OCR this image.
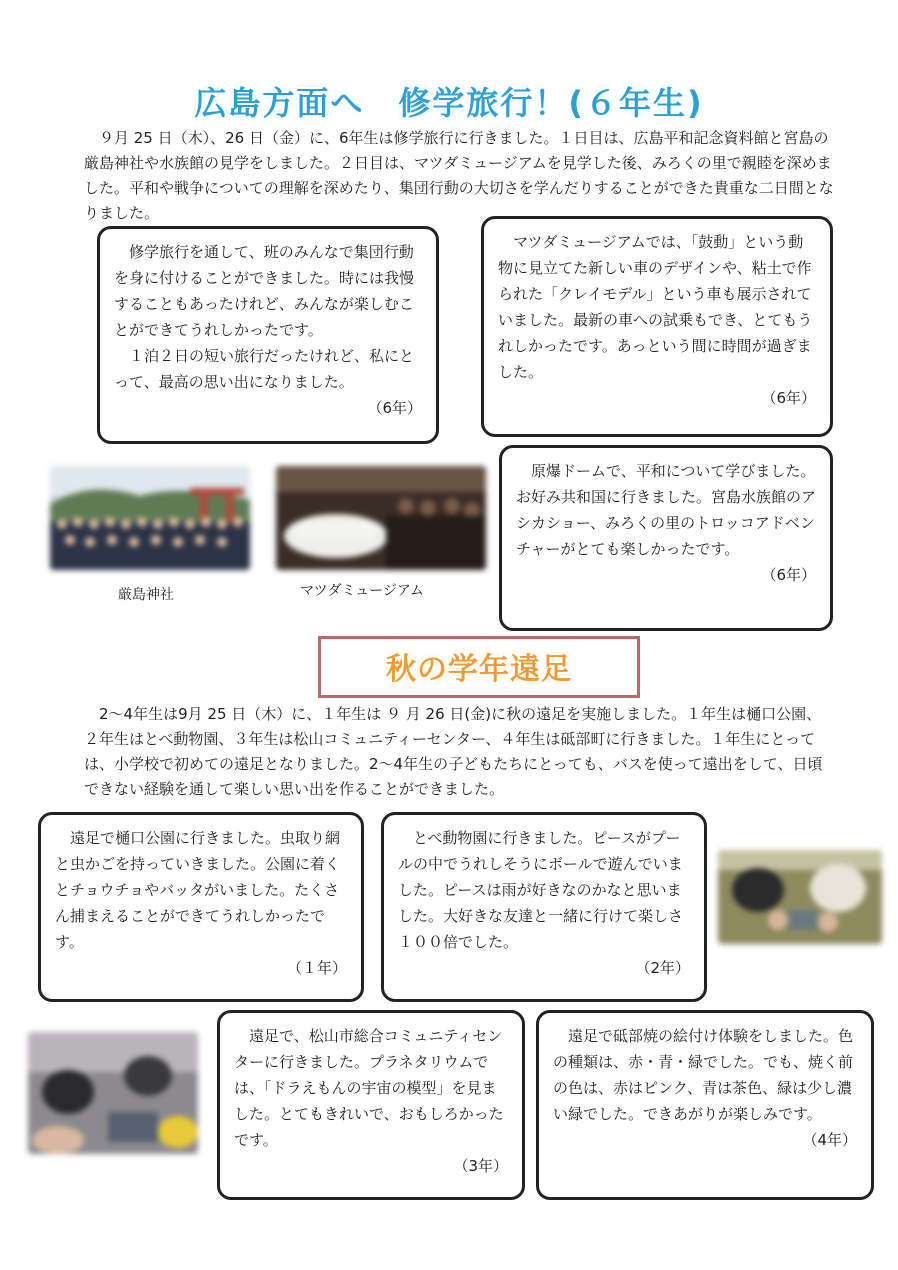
広島方面へ　修学旅行！(６年生)
９月 25 日（木）、26 日（金）に、6年生は修学旅行に行きました。１日目は、広島平和記念資料館と宮島の厳島神社や水族館の見学をしました。２日目は、マツダミュージアムを見学した後、みろくの里で親睦を深めました。平和や戦争についての理解を深めたり、集団行動の大切さを学んだりすることができた貴重な二日間となりました。

修学旅行を通して、班のみんなで集団行動を身に付けることができました。時には我慢することもあったけれど、みんなが楽しむことができてうれしかったです。

１泊２日の短い旅行だったけれど、私にとって、最高の思い出になりました。

（6年）

マツダミュージアムでは、「鼓動」という動物に見立てた新しい車のデザインや、粘土で作られた「クレイモデル」という車も展示されていました。最新の車への試乗もでき、とてもうれしかったです。あっという間に時間が過ぎました。

（6年）

原爆ドームで、平和について学びました。お好み共和国に行きました。宮島水族館のアシカショー、みろくの里のトロッコアドベンチャーがとても楽しかったです。

（6年）

厳島神社	マツダミュージアム
秋の学年遠足
2～4年生は9月 25 日（木）に、１年生は ９ 月 26 日(金)に秋の遠足を実施しました。１年生は樋口公園、２年生はとべ動物園、３年生は松山コミュニティーセンター、４年生は砥部町に行きました。１年生にとっては、小学校で初めての遠足となりました。2～4年生の子どもたちにとっても、バスを使って遠出をして、日頃できない経験を通して楽しい思い出を作ることができました。

遠足で樋口公園に行きました。虫取り網と虫かごを持っていきました。公園に着くとチョウチョやバッタがいました。たくさん捕まえることができてうれしかったです。

（１年）

とべ動物園に行きました。ピースがプールの中でうれしそうにボールで遊んでいました。ピースは雨が好きなのかなと思いました。大好きな友達と一緒に行けて楽しさ１００倍でした。

（2年）

遠足で、松山市総合コミュニティセンターに行きました。プラネタリウムでは、「ドラえもんの宇宙の模型」を見ました。とてもきれいで、おもしろかったです。

（3年）

遠足で砥部焼の絵付け体験をしました。色の種類は、赤・青・緑でした。でも、焼く前の色は、赤はピンク、青は茶色、緑は少し濃い緑でした。できあがりが楽しみです。

（4年）
